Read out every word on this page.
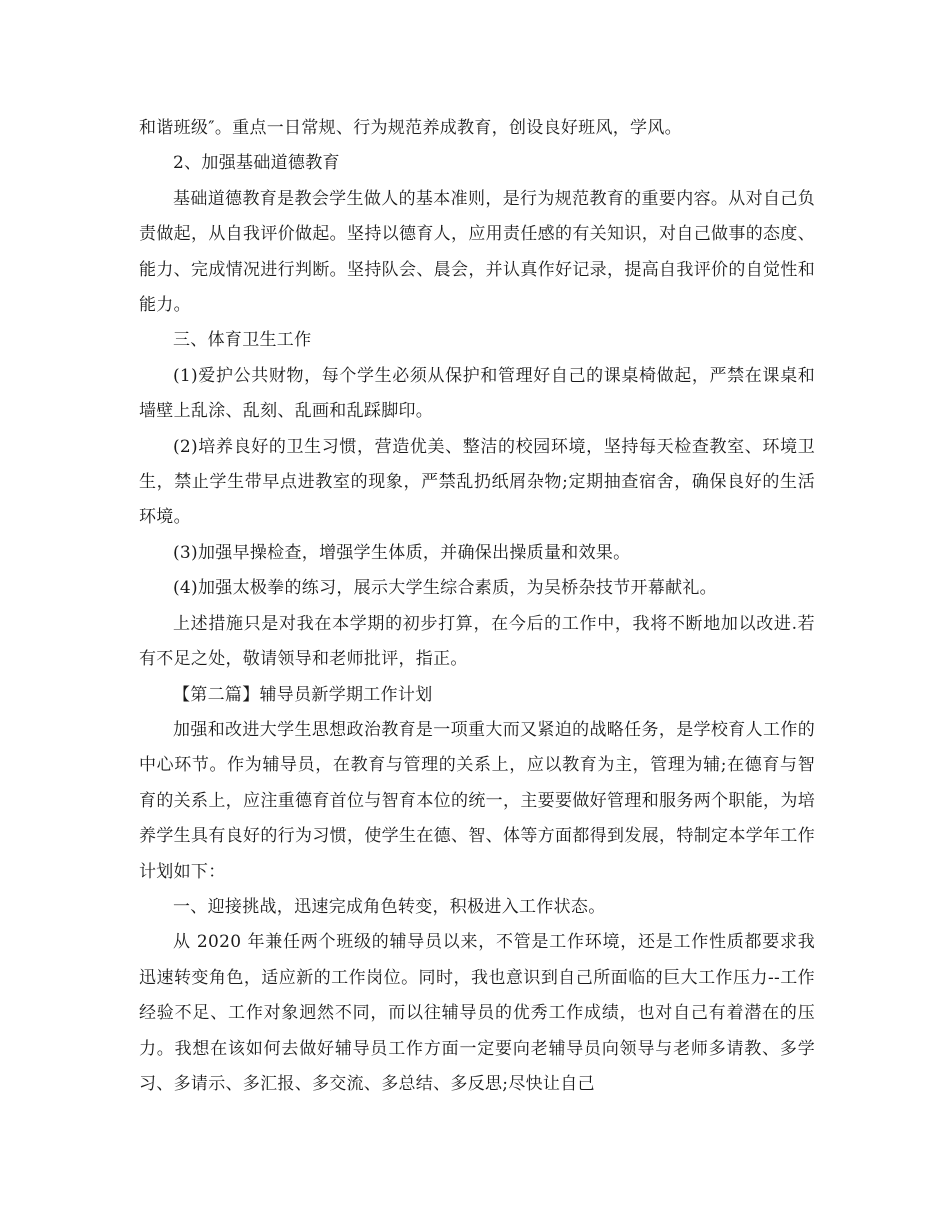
和谐班级″。重点一日常规、行为规范养成教育，创设良好班风，学风。

2、加强基础道德教育

基础道德教育是教会学生做人的基本准则，是行为规范教育的重要内容。从对自己负责做起，从自我评价做起。坚持以德育人，应用责任感的有关知识，对自己做事的态度、能力、完成情况进行判断。坚持队会、晨会，并认真作好记录，提高自我评价的自觉性和能力。

三、体育卫生工作

(1)爱护公共财物，每个学生必须从保护和管理好自己的课桌椅做起，严禁在课桌和墙壁上乱涂、乱刻、乱画和乱踩脚印。

(2)培养良好的卫生习惯，营造优美、整洁的校园环境，坚持每天检查教室、环境卫生，禁止学生带早点进教室的现象，严禁乱扔纸屑杂物;定期抽查宿舍，确保良好的生活环境。

(3)加强早操检查，增强学生体质，并确保出操质量和效果。

(4)加强太极拳的练习，展示大学生综合素质，为吴桥杂技节开幕献礼。

上述措施只是对我在本学期的初步打算，在今后的工作中，我将不断地加以改进.若有不足之处，敬请领导和老师批评，指正。

【第二篇】辅导员新学期工作计划

加强和改进大学生思想政治教育是一项重大而又紧迫的战略任务，是学校育人工作的中心环节。作为辅导员，在教育与管理的关系上，应以教育为主，管理为辅;在德育与智育的关系上，应注重德育首位与智育本位的统一，主要要做好管理和服务两个职能，为培养学生具有良好的行为习惯，使学生在德、智、体等方面都得到发展，特制定本学年工作计划如下：

一、迎接挑战，迅速完成角色转变，积极进入工作状态。

从 2020 年兼任两个班级的辅导员以来，不管是工作环境，还是工作性质都要求我迅速转变角色，适应新的工作岗位。同时，我也意识到自己所面临的巨大工作压力--工作经验不足、工作对象迥然不同，而以往辅导员的优秀工作成绩，也对自己有着潜在的压力。我想在该如何去做好辅导员工作方面一定要向老辅导员向领导与老师多请教、多学习、多请示、多汇报、多交流、多总结、多反思;尽快让自己
